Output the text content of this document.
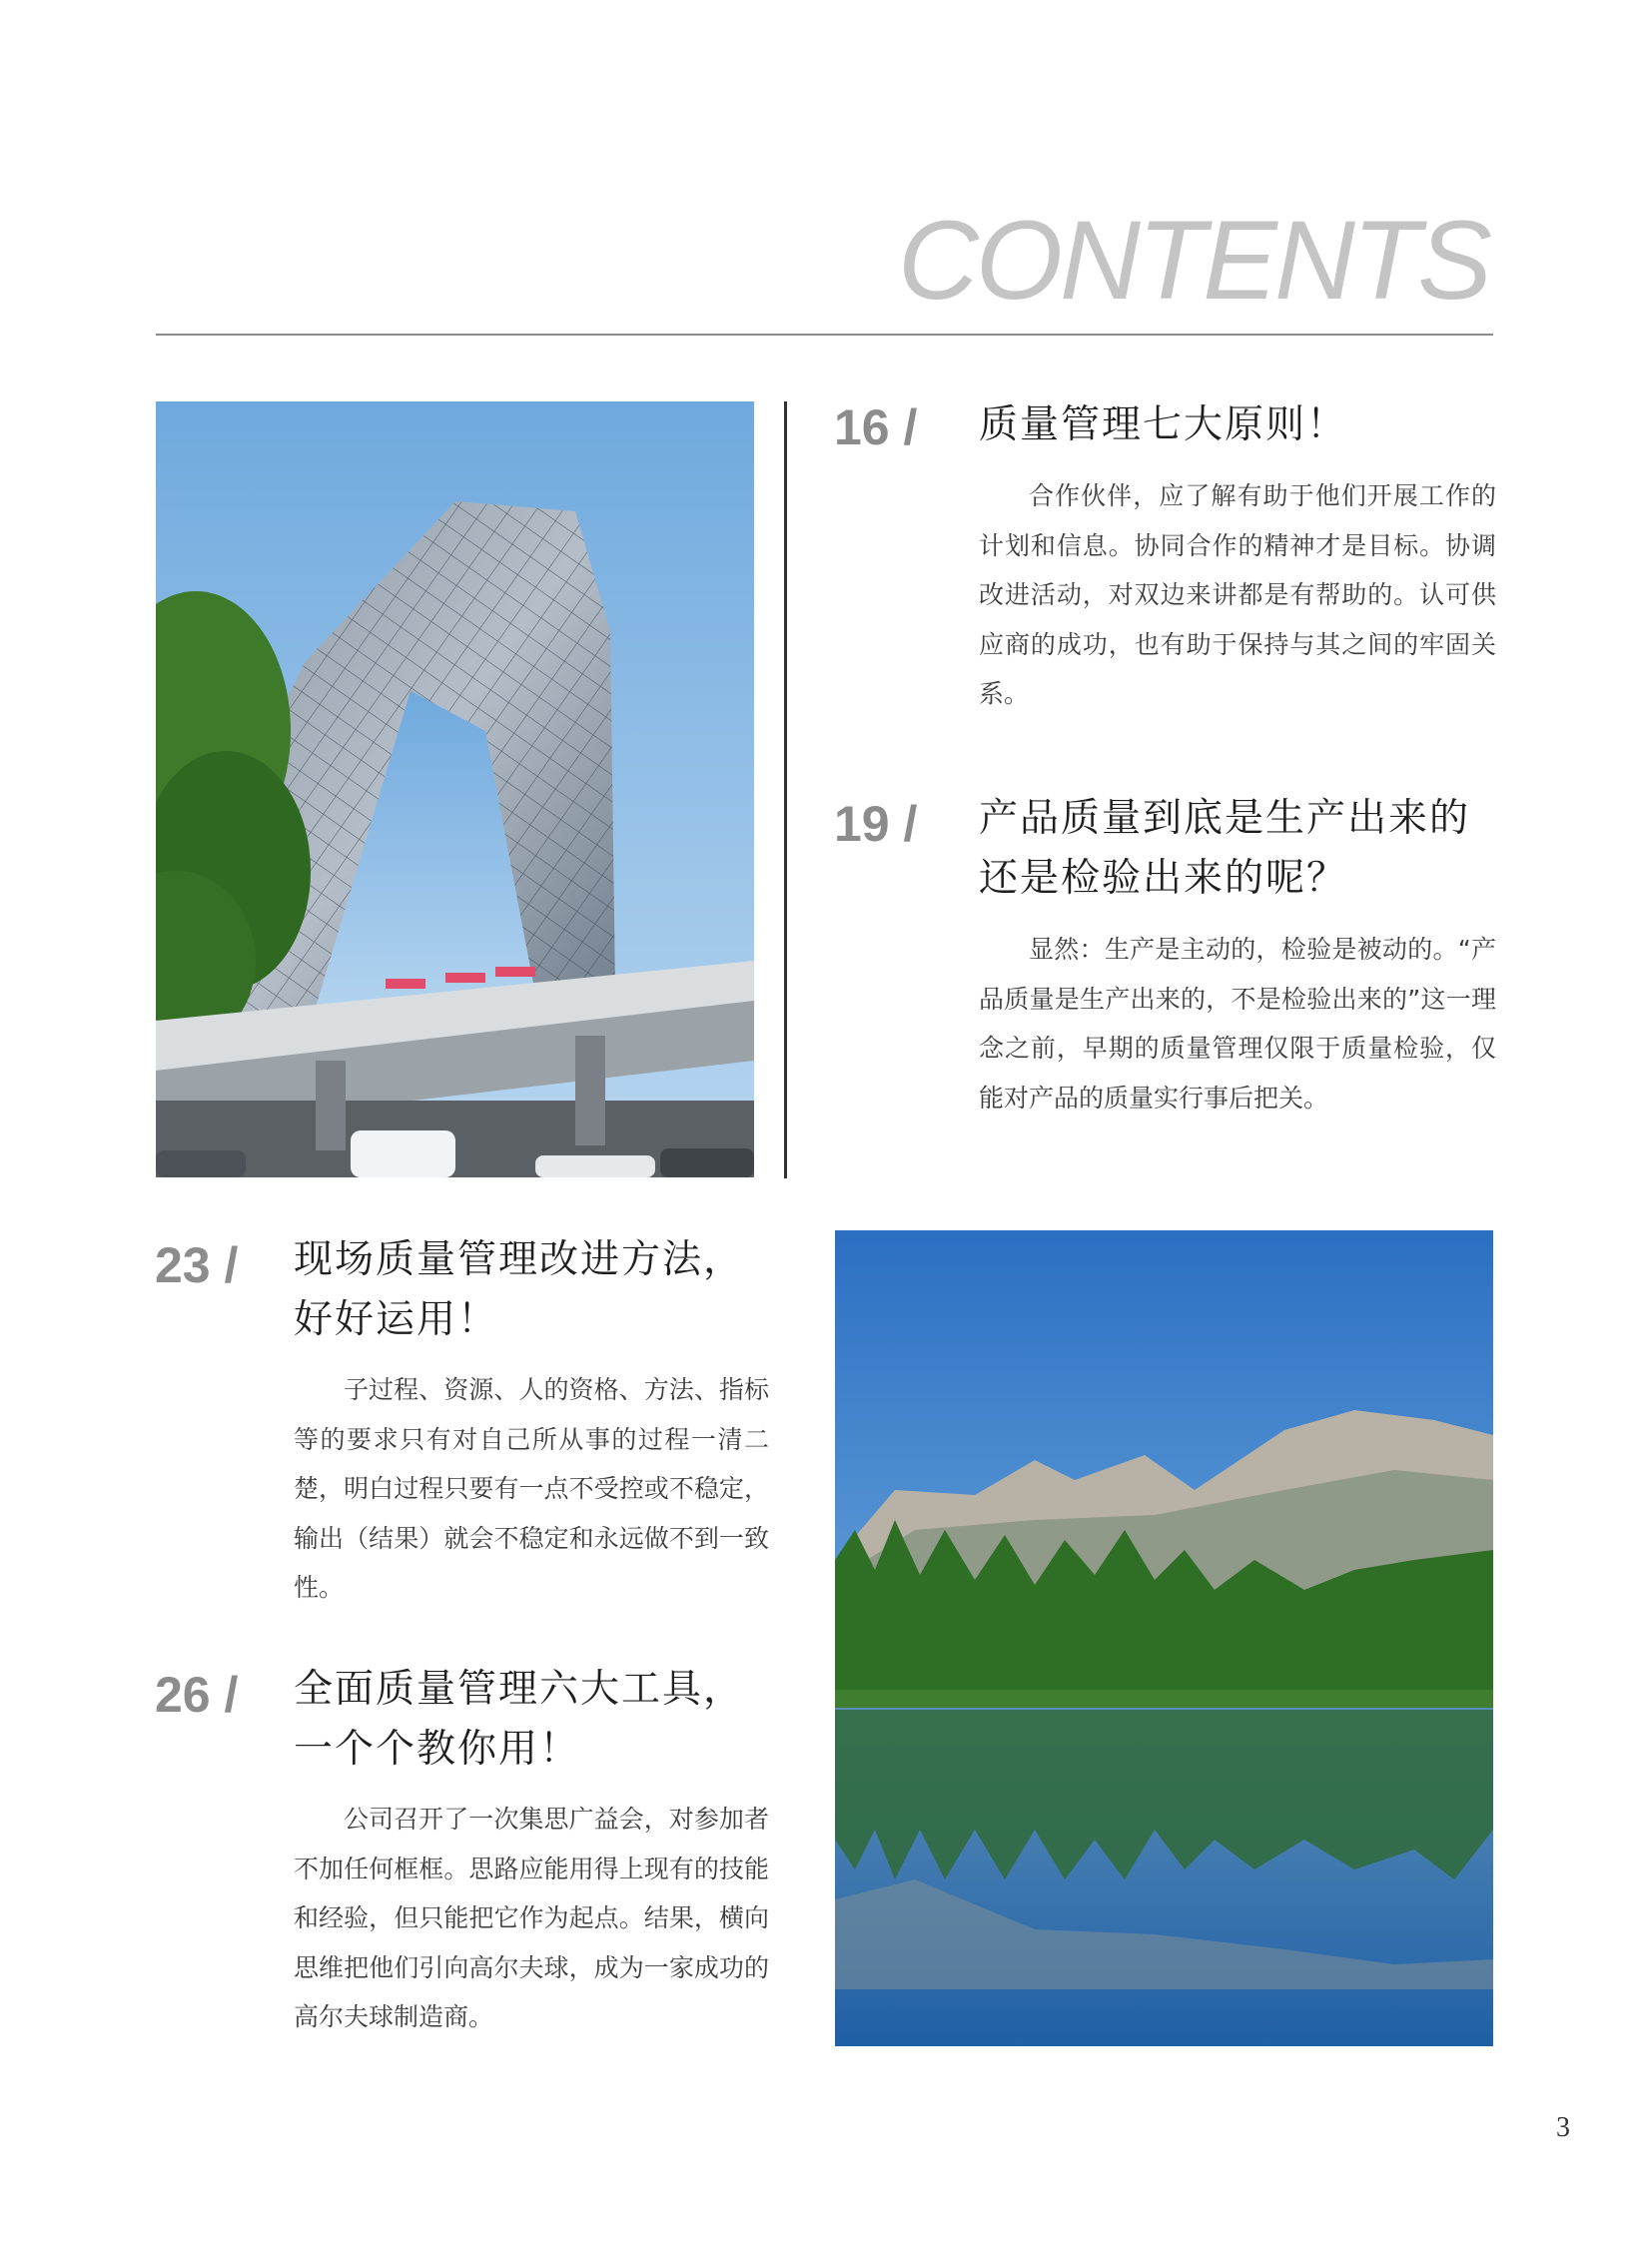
CONTENTS
16 / 质量管理七大原则！
合作伙伴，应了解有助于他们开展工作的计划和信息。协同合作的精神才是目标。协调改进活动，对双边来讲都是有帮助的。认可供应商的成功，也有助于保持与其之间的牢固关系。
19 / 产品质量到底是生产出来的还是检验出来的呢？
显然：生产是主动的，检验是被动的。“产品质量是生产出来的，不是检验出来的”这一理念之前，早期的质量管理仅限于质量检验，仅能对产品的质量实行事后把关。
23 / 现场质量管理改进方法，好好运用！
子过程、资源、人的资格、方法、指标等的要求只有对自己所从事的过程一清二楚，明白过程只要有一点不受控或不稳定，输出（结果）就会不稳定和永远做不到一致性。
26 / 全面质量管理六大工具，一个个教你用！
公司召开了一次集思广益会，对参加者不加任何框框。思路应能用得上现有的技能和经验，但只能把它作为起点。结果，横向思维把他们引向高尔夫球，成为一家成功的高尔夫球制造商。
3
